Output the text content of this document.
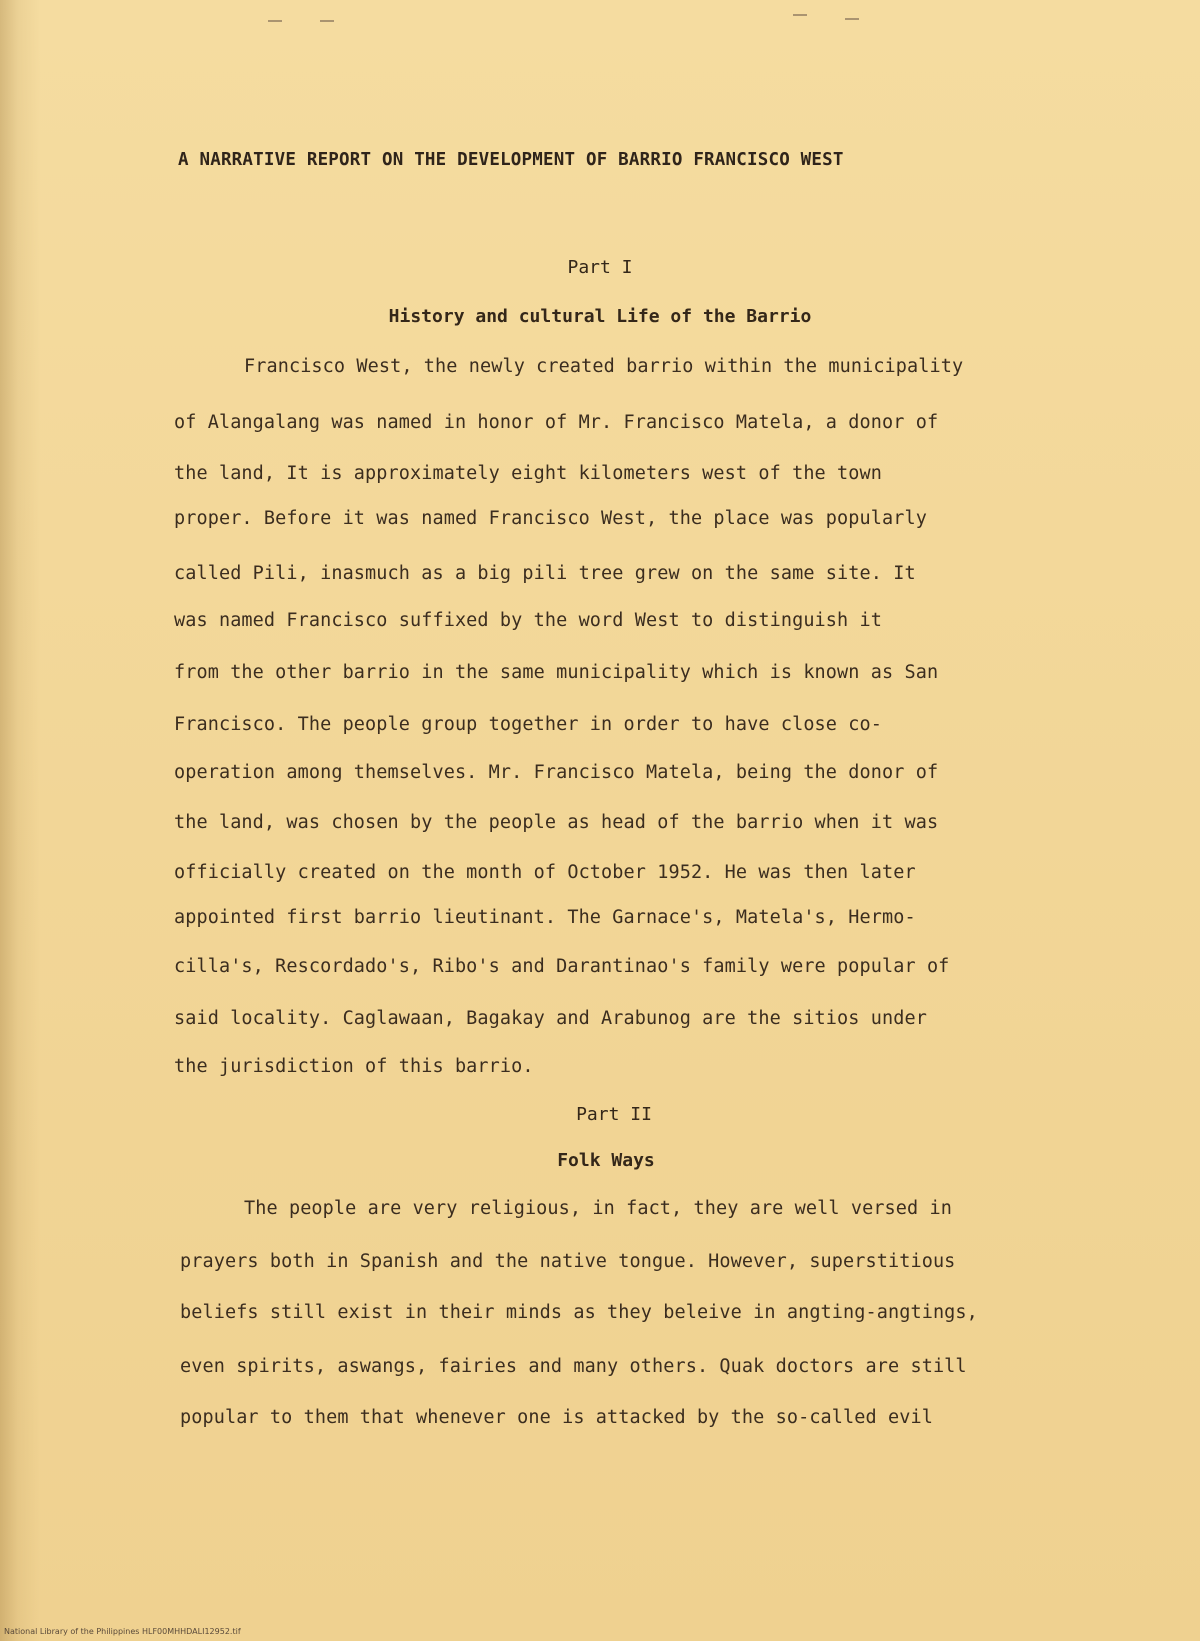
A NARRATIVE REPORT ON THE DEVELOPMENT OF BARRIO FRANCISCO WEST
Part I
History and cultural Life of the Barrio
Francisco West, the newly created barrio within the municipality
of Alangalang was named in honor of Mr. Francisco Matela, a donor of
the land, It is approximately eight kilometers west of the town
proper. Before it was named Francisco West, the place was popularly
called Pili, inasmuch as a big pili tree grew on the same site. It
was named Francisco suffixed by the word West to distinguish it
from the other barrio in the same municipality which is known as San
Francisco. The people group together in order to have close co-
operation among themselves. Mr. Francisco Matela, being the donor of
the land, was chosen by the people as head of the barrio when it was
officially created on the month of October 1952. He was then later
appointed first barrio lieutinant. The Garnace's, Matela's, Hermo-
cilla's, Rescordado's, Ribo's and Darantinao's family were popular of
said locality. Caglawaan, Bagakay and Arabunog are the sitios under
the jurisdiction of this barrio.
Part II
Folk Ways
The people are very religious, in fact, they are well versed in
prayers both in Spanish and the native tongue. However, superstitious
beliefs still exist in their minds as they beleive in angting-angtings,
even spirits, aswangs, fairies and many others. Quak doctors are still
popular to them that whenever one is attacked by the so-called evil
National Library of the Philippines HLF00MHHDALI12952.tif
